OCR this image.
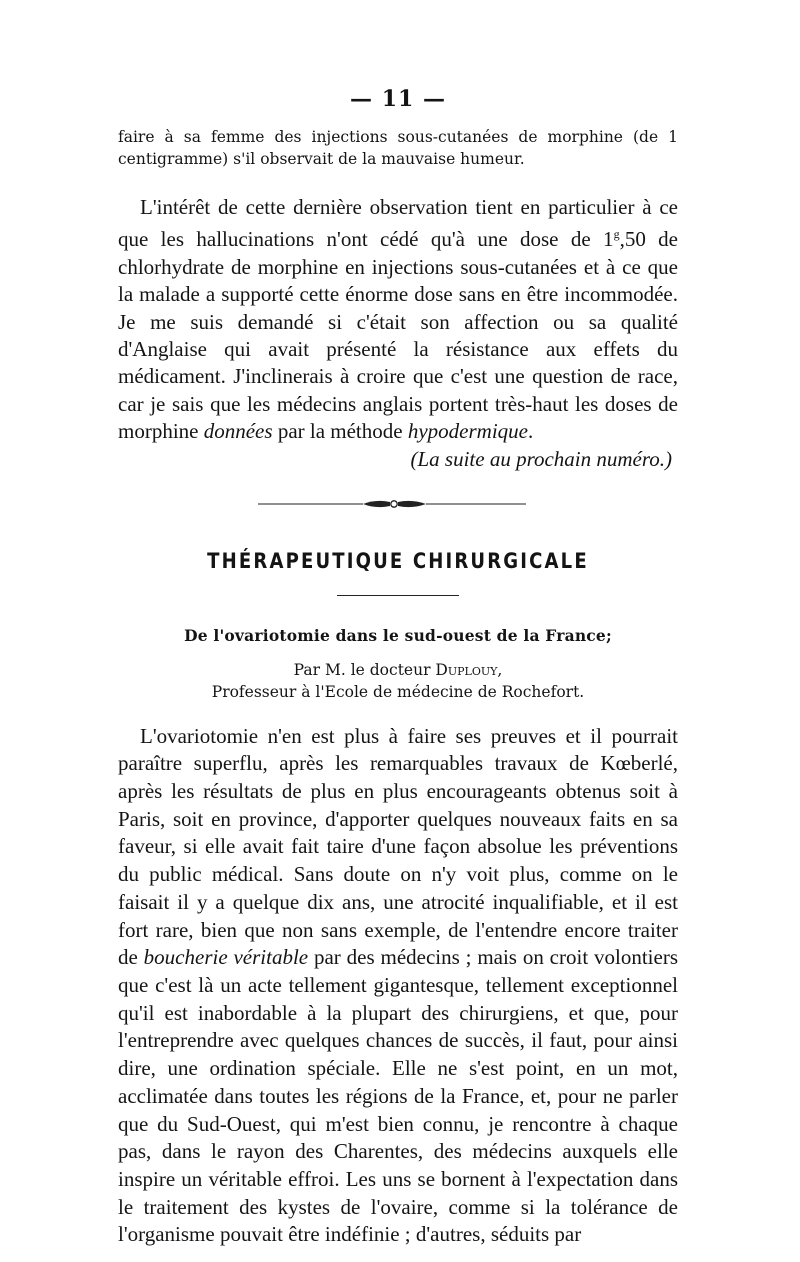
— 11 —

faire à sa femme des injections sous-cutanées de morphine (de 1 centigramme) s'il observait de la mauvaise humeur.

L'intérêt de cette dernière observation tient en particulier à ce que les hallucinations n'ont cédé qu'à une dose de 1$^g$,50 de chlorhydrate de morphine en injections sous-cutanées et à ce que la malade a supporté cette énorme dose sans en être incommodée. Je me suis demandé si c'était son affection ou sa qualité d'Anglaise qui avait présenté la résistance aux effets du médicament. J'inclinerais à croire que c'est une question de race, car je sais que les médecins anglais portent très-haut les doses de morphine données par la méthode hypodermique.

(La suite au prochain numéro.)

THÉRAPEUTIQUE CHIRURGICALE
De l'ovariotomie dans le sud-ouest de la France;
Par M. le docteur Duplouy,
Professeur à l'Ecole de médecine de Rochefort.

L'ovariotomie n'en est plus à faire ses preuves et il pourrait paraître superflu, après les remarquables travaux de Kœberlé, après les résultats de plus en plus encourageants obtenus soit à Paris, soit en province, d'apporter quelques nouveaux faits en sa faveur, si elle avait fait taire d'une façon absolue les préventions du public médical. Sans doute on n'y voit plus, comme on le faisait il y a quelque dix ans, une atrocité inqualifiable, et il est fort rare, bien que non sans exemple, de l'entendre encore traiter de boucherie véritable par des médecins ; mais on croit volontiers que c'est là un acte tellement gigantesque, tellement exceptionnel qu'il est inabordable à la plupart des chirurgiens, et que, pour l'entreprendre avec quelques chances de succès, il faut, pour ainsi dire, une ordination spéciale. Elle ne s'est point, en un mot, acclimatée dans toutes les régions de la France, et, pour ne parler que du Sud-Ouest, qui m'est bien connu, je rencontre à chaque pas, dans le rayon des Charentes, des médecins auxquels elle inspire un véritable effroi. Les uns se bornent à l'expectation dans le traitement des kystes de l'ovaire, comme si la tolérance de l'organisme pouvait être indéfinie ; d'autres, séduits par
